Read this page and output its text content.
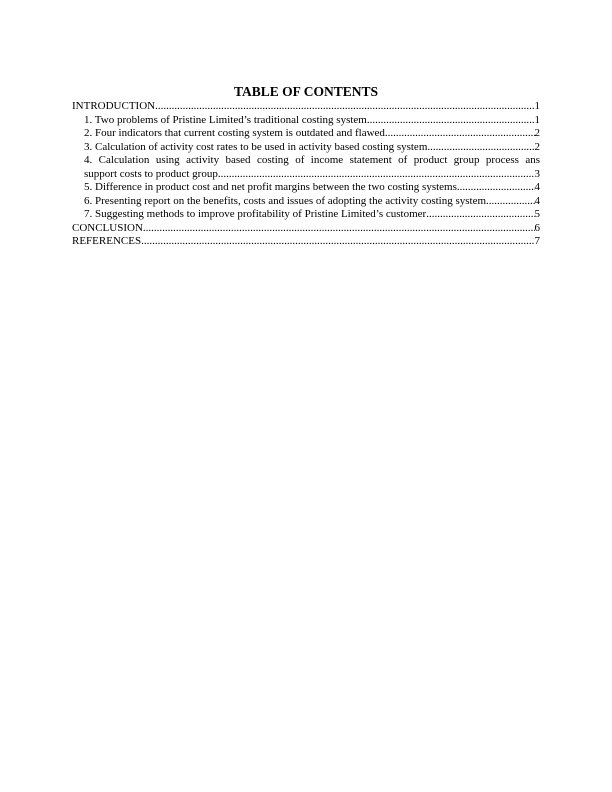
TABLE OF CONTENTS
INTRODUCTION .....	1
1. Two problems of Pristine Limited’s traditional costing system .....	1
2. Four indicators that current costing system is outdated and flawed .....	2
3. Calculation of activity cost rates to be used in activity based costing system .....	2
4. Calculation using activity based costing of income statement of product group process ans
support costs to product group .....	3
5. Difference in product cost and net profit margins between the two costing systems .....	4
6. Presenting report on the benefits, costs and issues of adopting the activity costing system. .....	4
7. Suggesting methods to improve profitability of Pristine Limited’s customer .....	5
CONCLUSION .....	6
REFERENCES .....	7
